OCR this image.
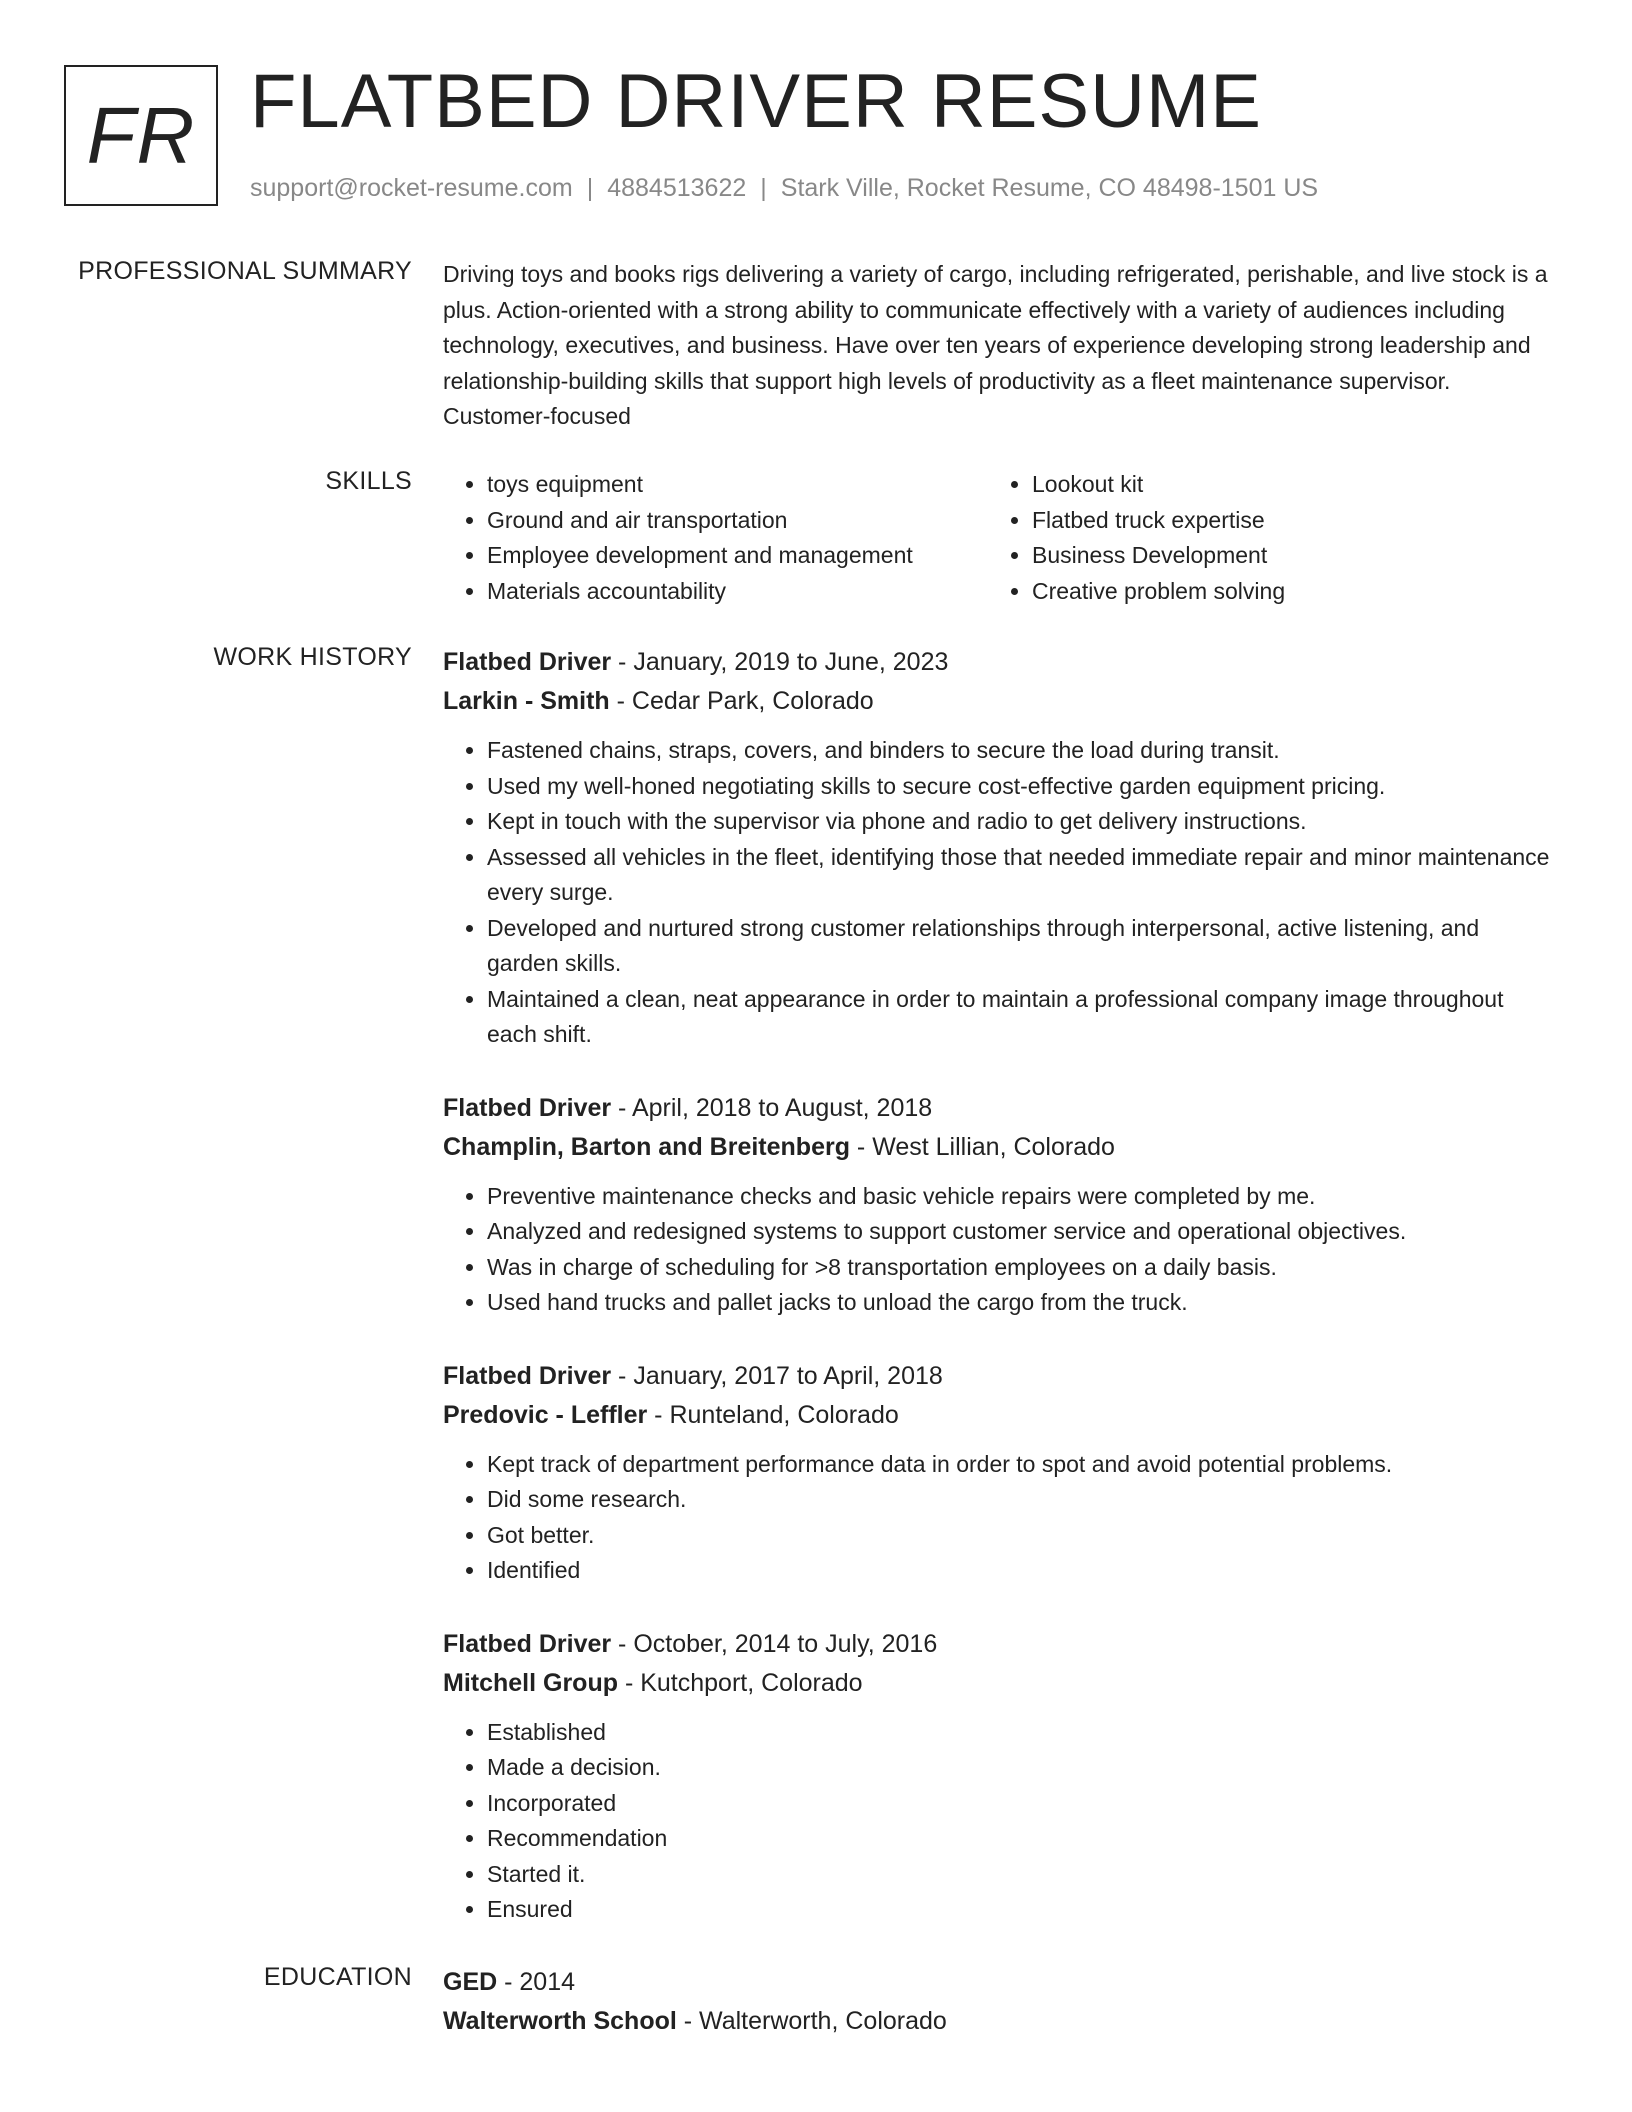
FR FLATBED DRIVER RESUME
support@rocket-resume.com | 4884513622 | Stark Ville, Rocket Resume, CO 48498-1501 US
PROFESSIONAL SUMMARY Driving toys and books rigs delivering a variety of cargo, including refrigerated, perishable, and live stock is a plus. Action-oriented with a strong ability to communicate effectively with a variety of audiences including technology, executives, and business. Have over ten years of experience developing strong leadership and relationship-building skills that support high levels of productivity as a fleet maintenance supervisor. Customer-focused

SKILLS
•	toys equipment
• Ground and air transportation
• Employee development and management
• Materials accountability
• Lookout kit
• Flatbed truck expertise
• Business Development
• Creative problem solving
WORK HISTORY Flatbed Driver - January, 2019 to June, 2023

Larkin - Smith - Cedar Park, Colorado

• Fastened chains, straps, covers, and binders to secure the load during transit.
• Used my well-honed negotiating skills to secure cost-effective garden equipment pricing.
• Kept in touch with the supervisor via phone and radio to get delivery instructions.
• Assessed all vehicles in the fleet, identifying those that needed immediate repair and minor maintenance every surge.
• Developed and nurtured strong customer relationships through interpersonal, active listening, and garden skills.
• Maintained a clean, neat appearance in order to maintain a professional company image throughout each shift.

Flatbed Driver - April, 2018 to August, 2018

Champlin, Barton and Breitenberg - West Lillian, Colorado

• Preventive maintenance checks and basic vehicle repairs were completed by me.
• Analyzed and redesigned systems to support customer service and operational objectives.
• Was in charge of scheduling for >8 transportation employees on a daily basis.
• Used hand trucks and pallet jacks to unload the cargo from the truck.

Flatbed Driver - January, 2017 to April, 2018

Predovic - Leffler - Runteland, Colorado

• Kept track of department performance data in order to spot and avoid potential problems.
• Did some research.
• Got better.
• Identified

Flatbed Driver - October, 2014 to July, 2016

Mitchell Group - Kutchport, Colorado

• Established
• Made a decision.
• Incorporated
• Recommendation
• Started it.
• Ensured
EDUCATION GED - 2014

Walterworth School - Walterworth, Colorado
